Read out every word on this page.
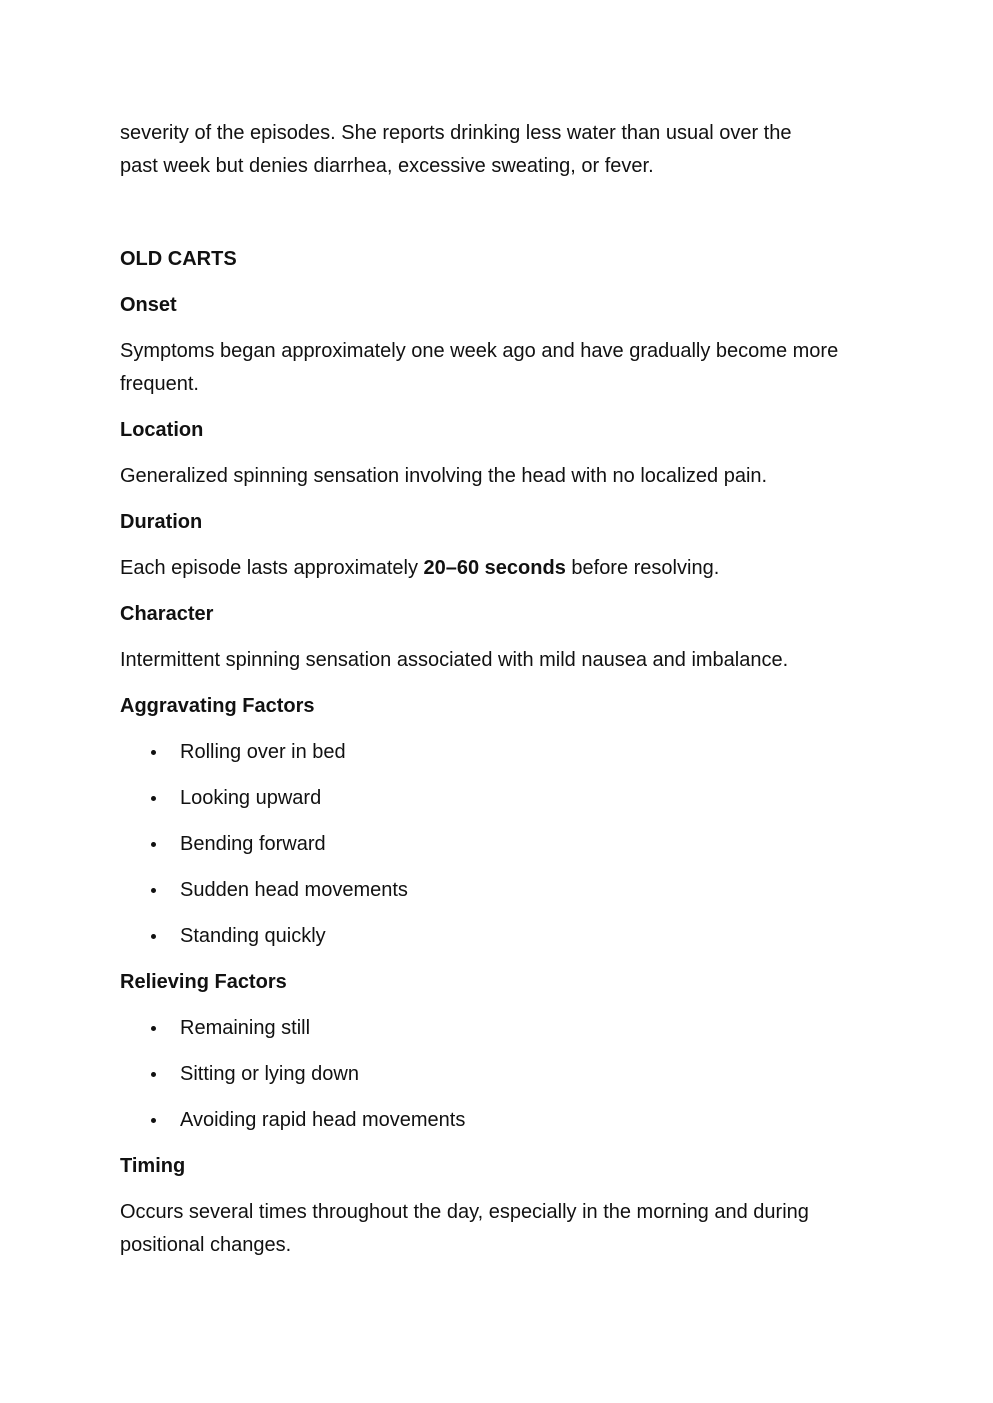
severity of the episodes. She reports drinking less water than usual over the
past week but denies diarrhea, excessive sweating, or fever.

OLD CARTS

Onset

Symptoms began approximately one week ago and have gradually become more frequent.

Location

Generalized spinning sensation involving the head with no localized pain.

Duration

Each episode lasts approximately 20–60 seconds before resolving.

Character

Intermittent spinning sensation associated with mild nausea and imbalance.

Aggravating Factors

Rolling over in bed
Looking upward
Bending forward
Sudden head movements
Standing quickly

Relieving Factors

Remaining still
Sitting or lying down
Avoiding rapid head movements

Timing

Occurs several times throughout the day, especially in the morning and during positional changes.
